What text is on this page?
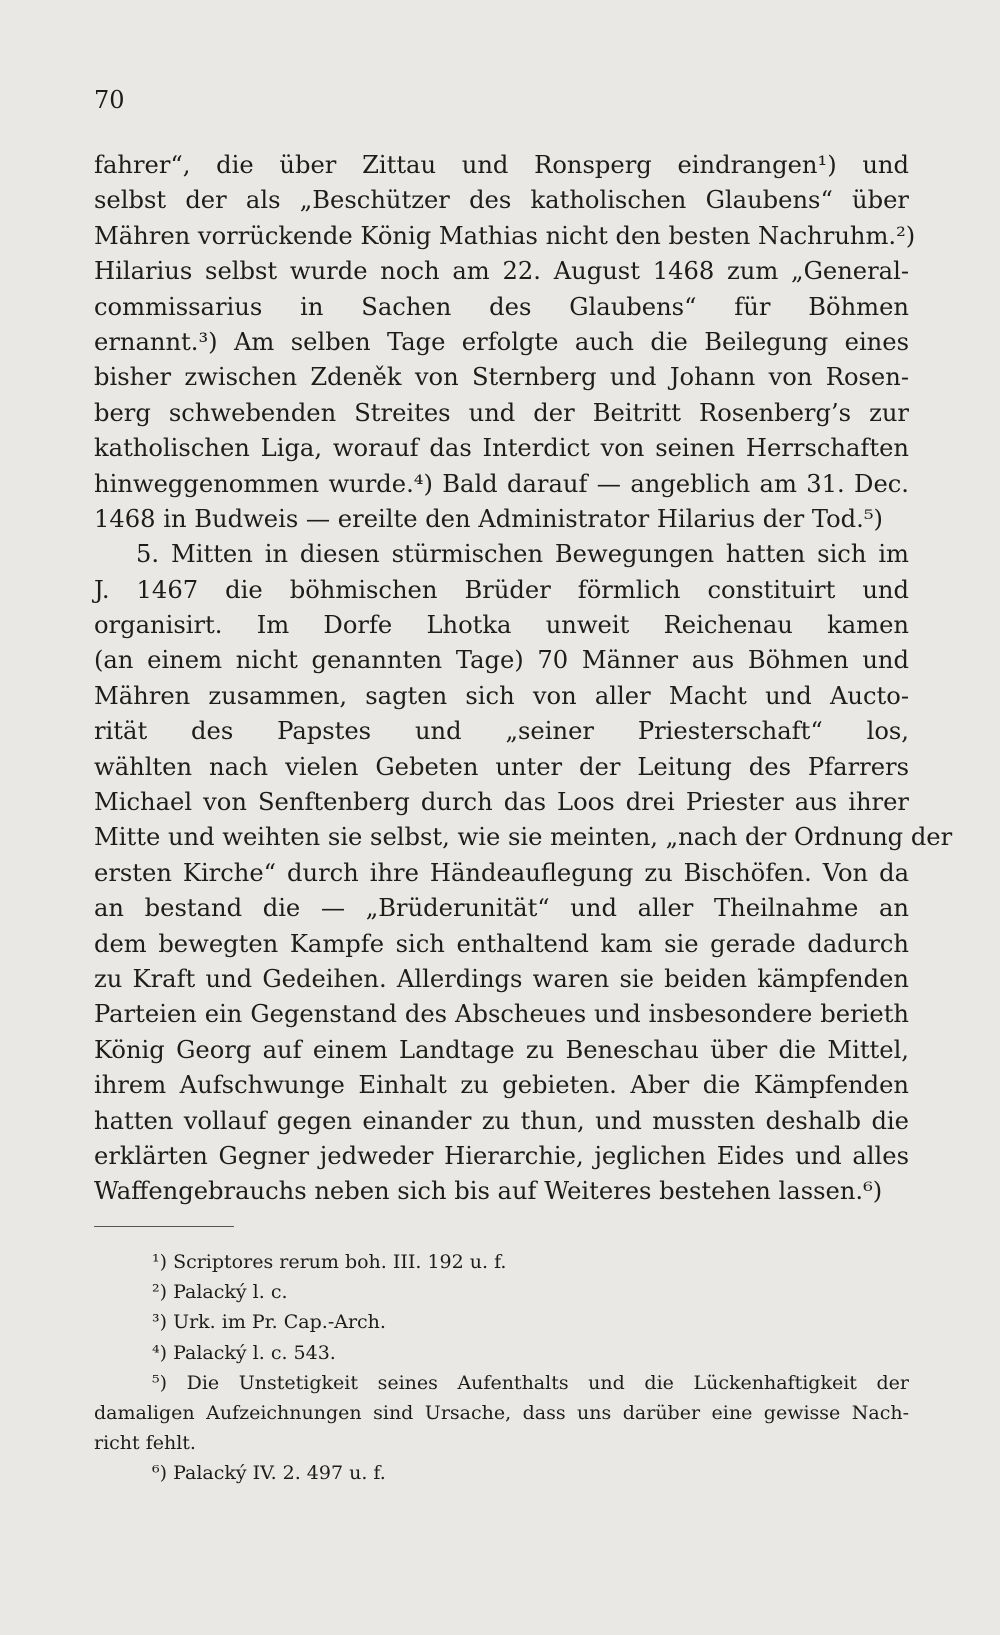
70
fahrer“, die über Zittau und Ronsperg eindrangen¹) und
selbst der als „Beschützer des katholischen Glaubens“ über
Mähren vorrückende König Mathias nicht den besten Nachruhm.²)
Hilarius selbst wurde noch am 22. August 1468 zum „General-
commissarius in Sachen des Glaubens“ für Böhmen
ernannt.³) Am selben Tage erfolgte auch die Beilegung eines
bisher zwischen Zdeněk von Sternberg und Johann von Rosen-
berg schwebenden Streites und der Beitritt Rosenberg’s zur
katholischen Liga, worauf das Interdict von seinen Herrschaften
hinweggenommen wurde.⁴) Bald darauf — angeblich am 31. Dec.
1468 in Budweis — ereilte den Administrator Hilarius der Tod.⁵)
5. Mitten in diesen stürmischen Bewegungen hatten sich im
J. 1467 die böhmischen Brüder förmlich constituirt und
organisirt. Im Dorfe Lhotka unweit Reichenau kamen
(an einem nicht genannten Tage) 70 Männer aus Böhmen und
Mähren zusammen, sagten sich von aller Macht und Aucto-
rität des Papstes und „seiner Priesterschaft“ los,
wählten nach vielen Gebeten unter der Leitung des Pfarrers
Michael von Senftenberg durch das Loos drei Priester aus ihrer
Mitte und weihten sie selbst, wie sie meinten, „nach der Ordnung der
ersten Kirche“ durch ihre Händeauflegung zu Bischöfen. Von da
an bestand die — „Brüderunität“ und aller Theilnahme an
dem bewegten Kampfe sich enthaltend kam sie gerade dadurch
zu Kraft und Gedeihen. Allerdings waren sie beiden kämpfenden
Parteien ein Gegenstand des Abscheues und insbesondere berieth
König Georg auf einem Landtage zu Beneschau über die Mittel,
ihrem Aufschwunge Einhalt zu gebieten. Aber die Kämpfenden
hatten vollauf gegen einander zu thun, und mussten deshalb die
erklärten Gegner jedweder Hierarchie, jeglichen Eides und alles
Waffengebrauchs neben sich bis auf Weiteres bestehen lassen.⁶)
¹) Scriptores rerum boh. III. 192 u. f.
²) Palacký l. c.
³) Urk. im Pr. Cap.-Arch.
⁴) Palacký l. c. 543.
⁵) Die Unstetigkeit seines Aufenthalts und die Lückenhaftigkeit der
damaligen Aufzeichnungen sind Ursache, dass uns darüber eine gewisse Nach-
richt fehlt.
⁶) Palacký IV. 2. 497 u. f.
